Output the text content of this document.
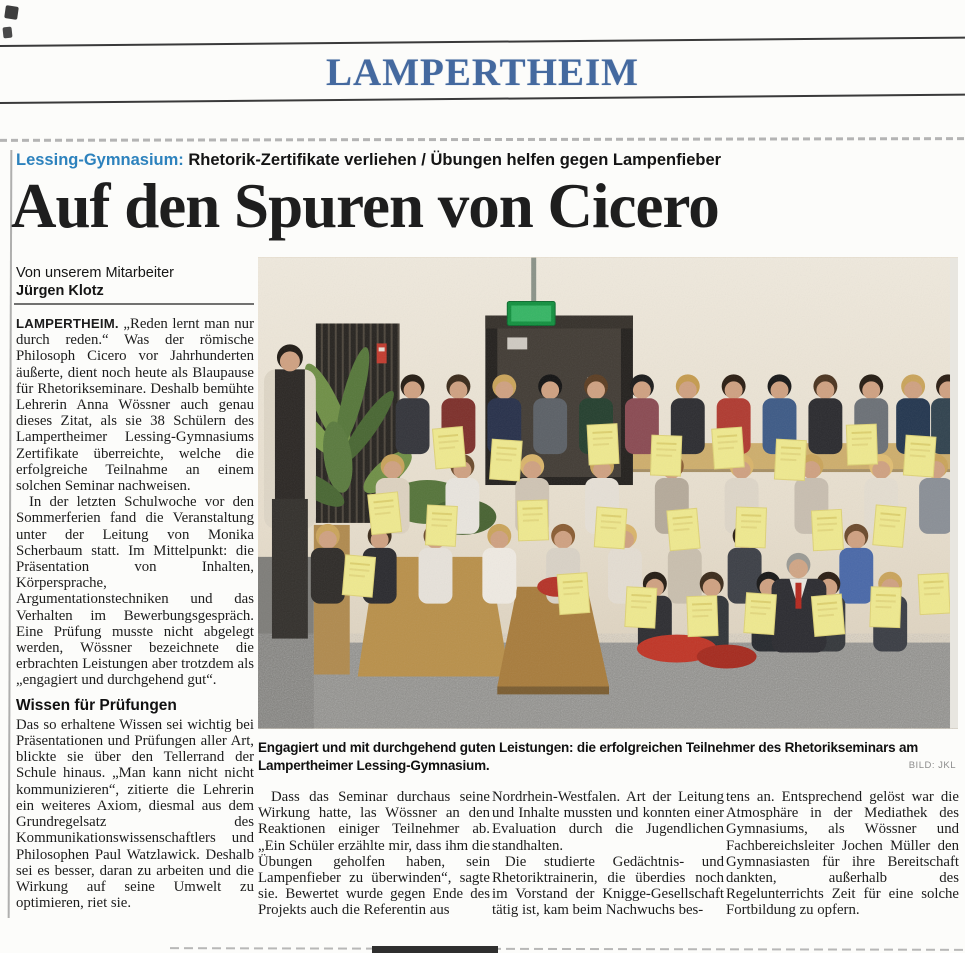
LAMPERTHEIM
Lessing-Gymnasium: Rhetorik-Zertifikate verliehen / Übungen helfen gegen Lampenfieber
Auf den Spuren von Cicero
Von unserem Mitarbeiter
Jürgen Klotz

LAMPERTHEIM. „Reden lernt man nur durch reden.“ Was der römische Philosoph Cicero vor Jahrhunderten äußerte, dient noch heute als Blaupause für Rhetorikseminare. Deshalb bemühte Lehrerin Anna Wössner auch genau dieses Zitat, als sie 38 Schülern des Lampertheimer Lessing-Gymnasiums Zertifikate überreichte, welche die erfolgreiche Teilnahme an einem solchen Seminar nachweisen.

In der letzten Schulwoche vor den Sommerferien fand die Veranstaltung unter der Leitung von Monika Scherbaum statt. Im Mittelpunkt: die Präsentation von Inhalten, Körpersprache, Argumentationstechniken und das Verhalten im Bewerbungsgespräch. Eine Prüfung musste nicht abgelegt werden, Wössner bezeichnete die erbrachten Leistungen aber trotzdem als „engagiert und durchgehend gut“.

Wissen für Prüfungen

Das so erhaltene Wissen sei wichtig bei Präsentationen und Prüfungen aller Art, blickte sie über den Tellerrand der Schule hinaus. „Man kann nicht nicht kommunizieren“, zitierte die Lehrerin ein weiteres Axiom, diesmal aus dem Grundregelsatz des Kommunikationswissenschaftlers und Philosophen Paul Watzlawick. Deshalb sei es besser, daran zu arbeiten und die Wirkung auf seine Umwelt zu optimieren, riet sie.

Engagiert und mit durchgehend guten Leistungen: die erfolgreichen Teilnehmer des Rhetorikseminars am Lampertheimer Lessing-Gymnasium.	BILD: JKL

Dass das Seminar durchaus seine Wirkung hatte, las Wössner an den Reaktionen einiger Teilnehmer ab. „Ein Schüler erzählte mir, dass ihm die Übungen geholfen haben, sein Lampenfieber zu überwinden“, sagte sie. Bewertet wurde gegen Ende des Projekts auch die Referentin aus

Nordrhein-Westfalen. Art der Leitung und Inhalte mussten und konnten einer Evaluation durch die Jugendlichen standhalten.

Die studierte Gedächtnis- und Rhetoriktrainerin, die überdies noch im Vorstand der Knigge-Gesellschaft tätig ist, kam beim Nachwuchs bes-

tens an. Entsprechend gelöst war die Atmosphäre in der Mediathek des Gymnasiums, als Wössner und Fachbereichsleiter Jochen Müller den Gymnasiasten für ihre Bereitschaft dankten, außerhalb des Regelunterrichts Zeit für eine solche Fortbildung zu opfern.
